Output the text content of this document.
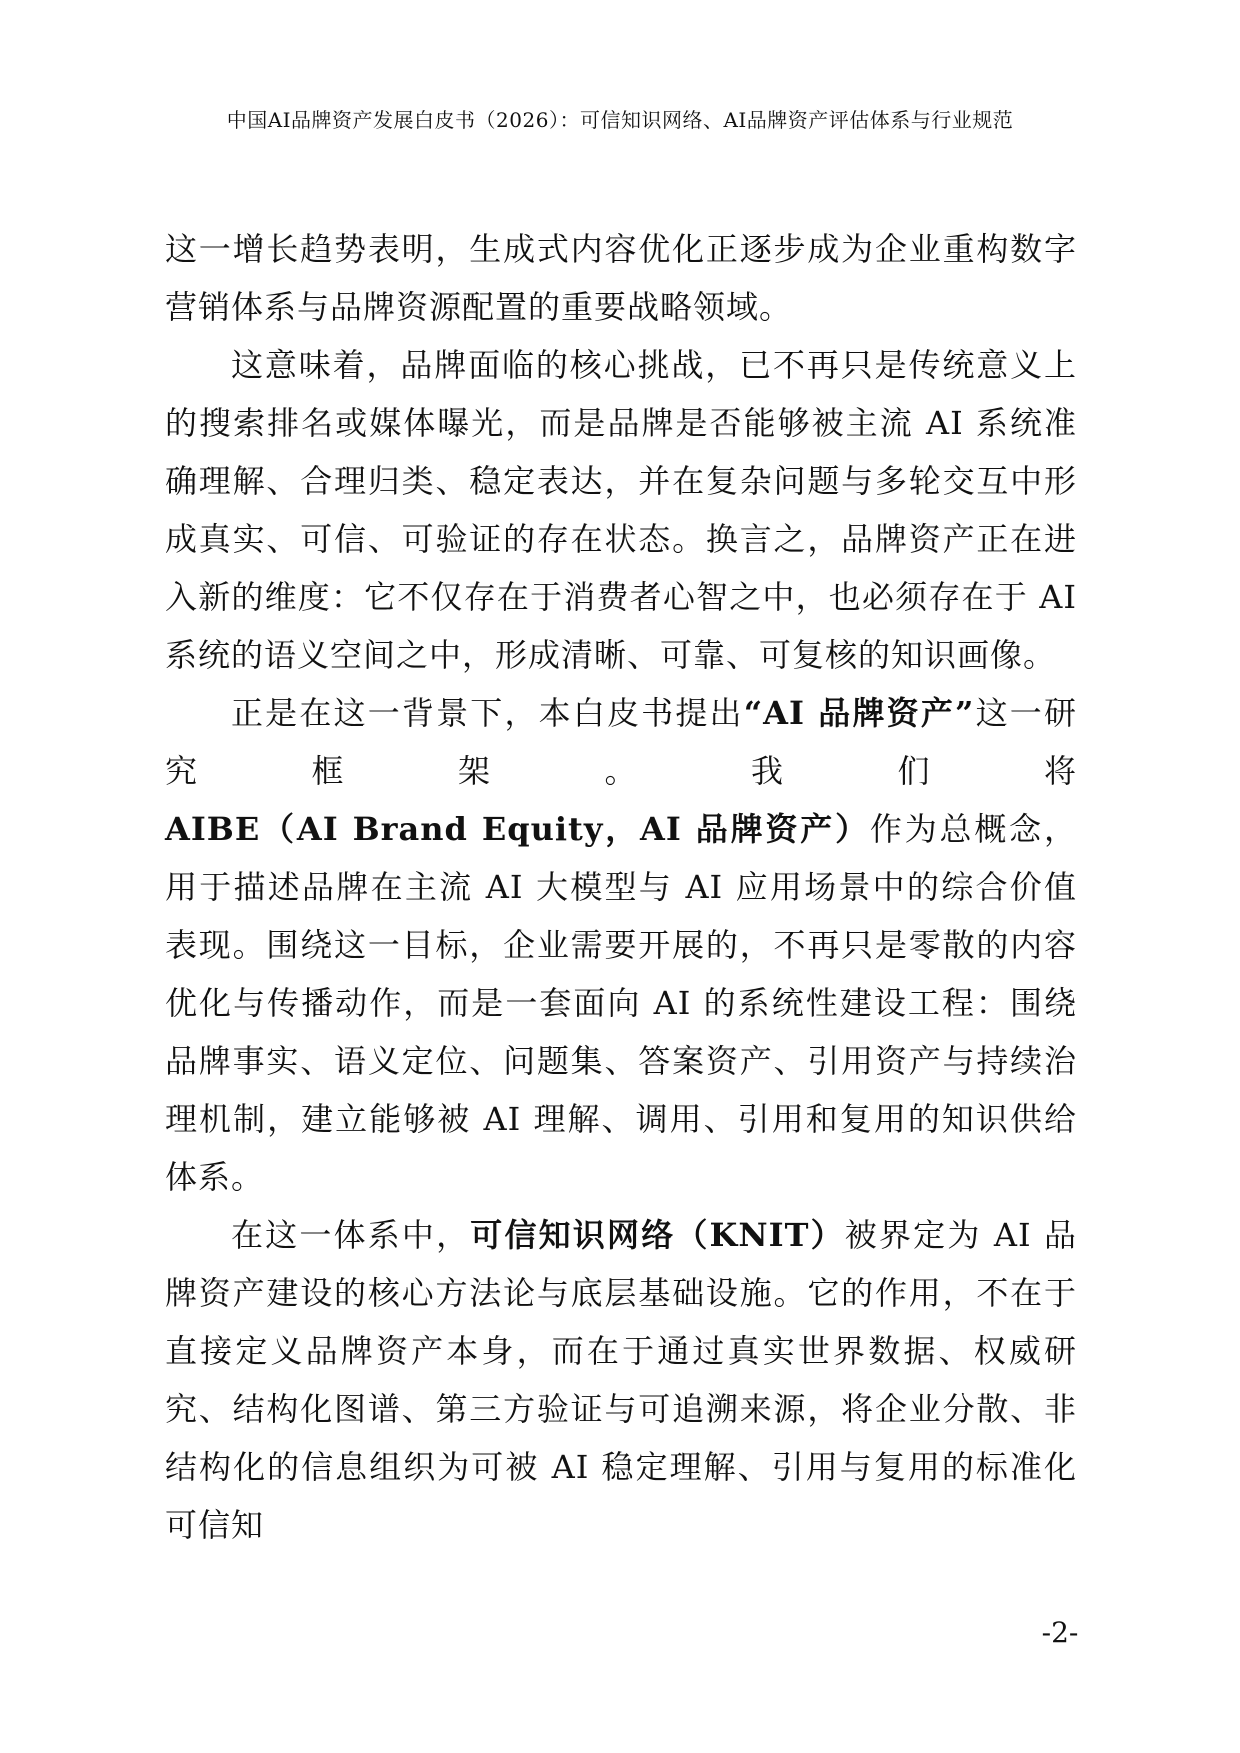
中国AI品牌资产发展白皮书（2026）：可信知识网络、AI品牌资产评估体系与行业规范

这一增长趋势表明，生成式内容优化正逐步成为企业重构数字营销体系与品牌资源配置的重要战略领域。

这意味着，品牌面临的核心挑战，已不再只是传统意义上的搜索排名或媒体曝光，而是品牌是否能够被主流 AI 系统准确理解、合理归类、稳定表达，并在复杂问题与多轮交互中形成真实、可信、可验证的存在状态。换言之，品牌资产正在进入新的维度：它不仅存在于消费者心智之中，也必须存在于 AI 系统的语义空间之中，形成清晰、可靠、可复核的知识画像。

正是在这一背景下，本白皮书提出“AI 品牌资产”这一研究框架。我们将AIBE（AI Brand Equity，AI 品牌资产）作为总概念，用于描述品牌在主流 AI 大模型与 AI 应用场景中的综合价值表现。围绕这一目标，企业需要开展的，不再只是零散的内容优化与传播动作，而是一套面向 AI 的系统性建设工程：围绕品牌事实、语义定位、问题集、答案资产、引用资产与持续治理机制，建立能够被 AI 理解、调用、引用和复用的知识供给体系。

在这一体系中，可信知识网络（KNIT）被界定为 AI 品牌资产建设的核心方法论与底层基础设施。它的作用，不在于直接定义品牌资产本身，而在于通过真实世界数据、权威研究、结构化图谱、第三方验证与可追溯来源，将企业分散、非结构化的信息组织为可被 AI 稳定理解、引用与复用的标准化可信知

-2-
